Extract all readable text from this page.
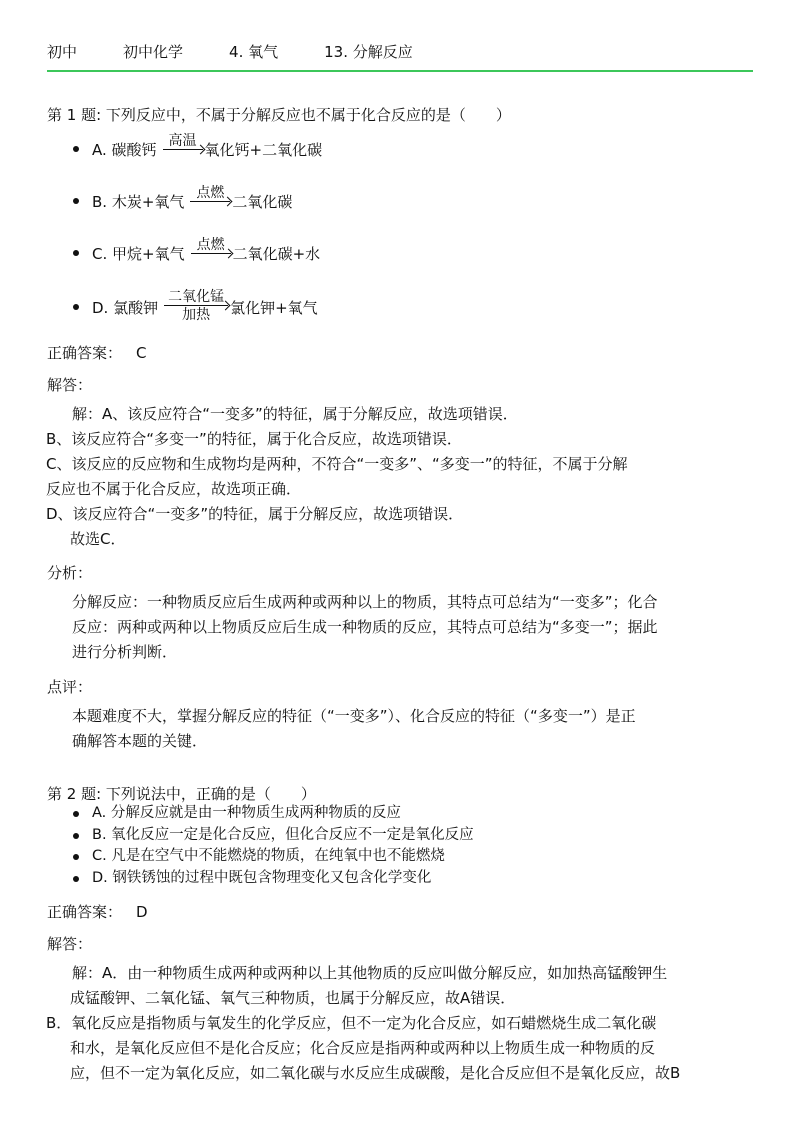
初中	初中化学	4. 氧气	13. 分解反应
第 1 题: 下列反应中，不属于分解反应也不属于化合反应的是（　　）
A. 碳酸钙 高温 氧化钙+二氧化碳
B. 木炭+氧气 点燃 二氧化碳
C. 甲烷+氧气 点燃 二氧化碳+水
D. 氯酸钾
二氧化锰
加热 氯化钾+氧气
正确答案： C
解答：

解：A、该反应符合“一变多”的特征，属于分解反应，故选项错误．

B、该反应符合“多变一”的特征，属于化合反应，故选项错误．

C、该反应的反应物和生成物均是两种，不符合“一变多”、“多变一”的特征，不属于分解

反应也不属于化合反应，故选项正确．

D、该反应符合“一变多”的特征，属于分解反应，故选项错误．

故选C．

分析：

分解反应：一种物质反应后生成两种或两种以上的物质，其特点可总结为“一变多”；化合

反应：两种或两种以上物质反应后生成一种物质的反应，其特点可总结为“多变一”；据此

进行分析判断．

点评：

本题难度不大，掌握分解反应的特征（“一变多”）、化合反应的特征（“多变一”）是正

确解答本题的关键．

第 2 题: 下列说法中，正确的是（　　）
A. 分解反应就是由一种物质生成两种物质的反应
B. 氧化反应一定是化合反应，但化合反应不一定是氧化反应
C. 凡是在空气中不能燃烧的物质，在纯氧中也不能燃烧
D. 钢铁锈蚀的过程中既包含物理变化又包含化学变化
正确答案： D
解答：

解：A．由一种物质生成两种或两种以上其他物质的反应叫做分解反应，如加热高锰酸钾生

成锰酸钾、二氧化锰、氧气三种物质，也属于分解反应，故A错误．

B．氧化反应是指物质与氧发生的化学反应，但不一定为化合反应，如石蜡燃烧生成二氧化碳

和水，是氧化反应但不是化合反应；化合反应是指两种或两种以上物质生成一种物质的反

应，但不一定为氧化反应，如二氧化碳与水反应生成碳酸，是化合反应但不是氧化反应，故B
